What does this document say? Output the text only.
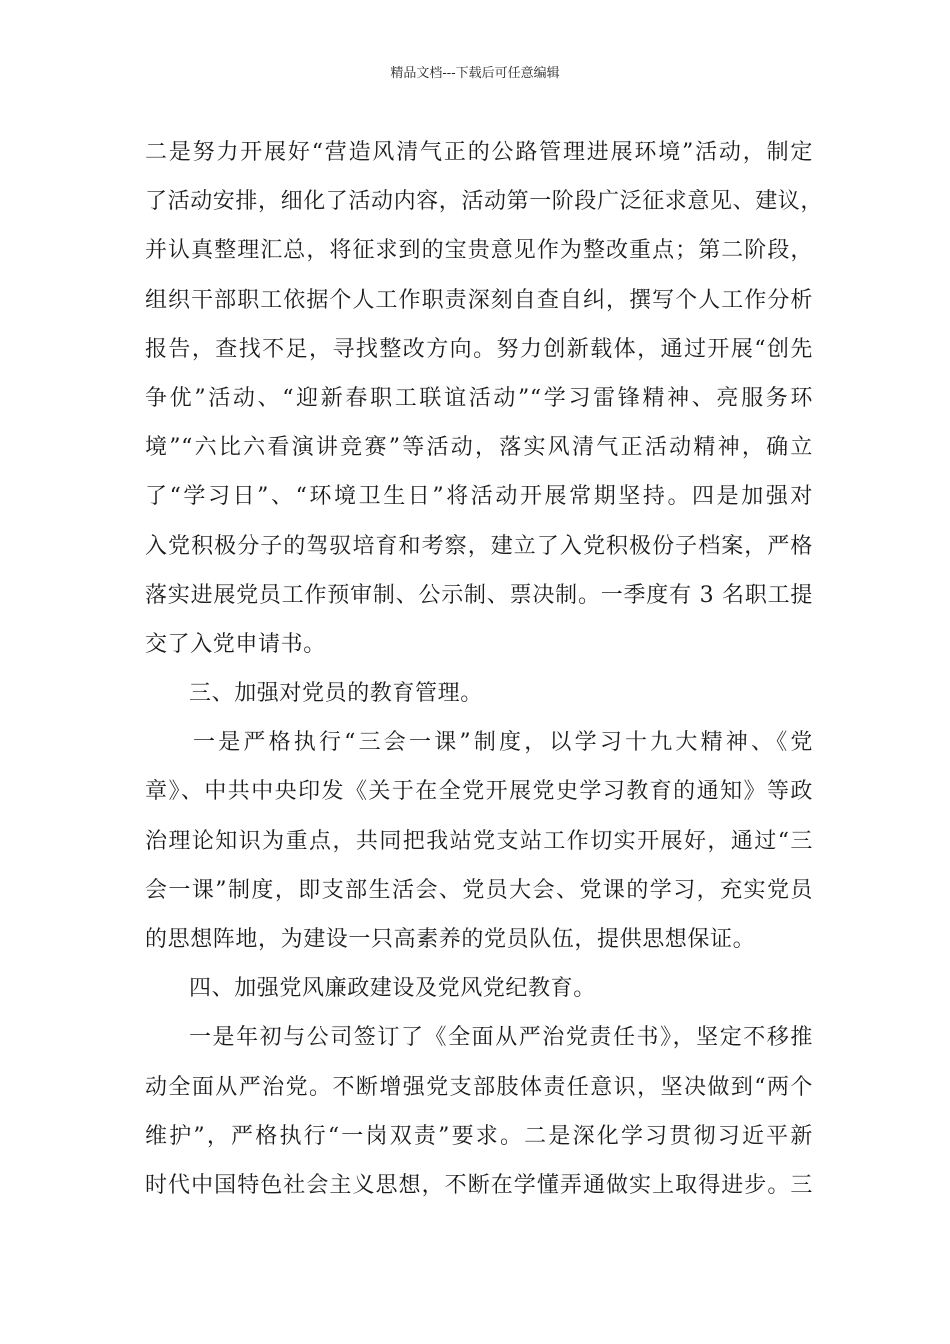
精品文档---下载后可任意编辑
二是努力开展好“营造风清气正的公路管理进展环境”活动，制定
了活动安排，细化了活动内容，活动第一阶段广泛征求意见、建议，
并认真整理汇总，将征求到的宝贵意见作为整改重点；第二阶段，
组织干部职工依据个人工作职责深刻自查自纠，撰写个人工作分析
报告，查找不足，寻找整改方向。努力创新载体，通过开展“创先
争优”活动、“迎新春职工联谊活动”“学习雷锋精神、亮服务环
境”“六比六看演讲竞赛”等活动，落实风清气正活动精神，确立
了“学习日”、“环境卫生日”将活动开展常期坚持。四是加强对
入党积极分子的驾驭培育和考察，建立了入党积极份子档案，严格
落实进展党员工作预审制、公示制、票决制。一季度有 3 名职工提
交了入党申请书。
三、加强对党员的教育管理。
一是严格执行“三会一课”制度，以学习十九大精神、《党
章》、中共中央印发《关于在全党开展党史学习教育的通知》等政
治理论知识为重点，共同把我站党支站工作切实开展好，通过“三
会一课”制度，即支部生活会、党员大会、党课的学习，充实党员
的思想阵地，为建设一只高素养的党员队伍，提供思想保证。
四、加强党风廉政建设及党风党纪教育。
一是年初与公司签订了《全面从严治党责任书》，坚定不移推
动全面从严治党。不断增强党支部肢体责任意识，坚决做到“两个
维护”，严格执行“一岗双责”要求。二是深化学习贯彻习近平新
时代中国特色社会主义思想，不断在学懂弄通做实上取得进步。三
